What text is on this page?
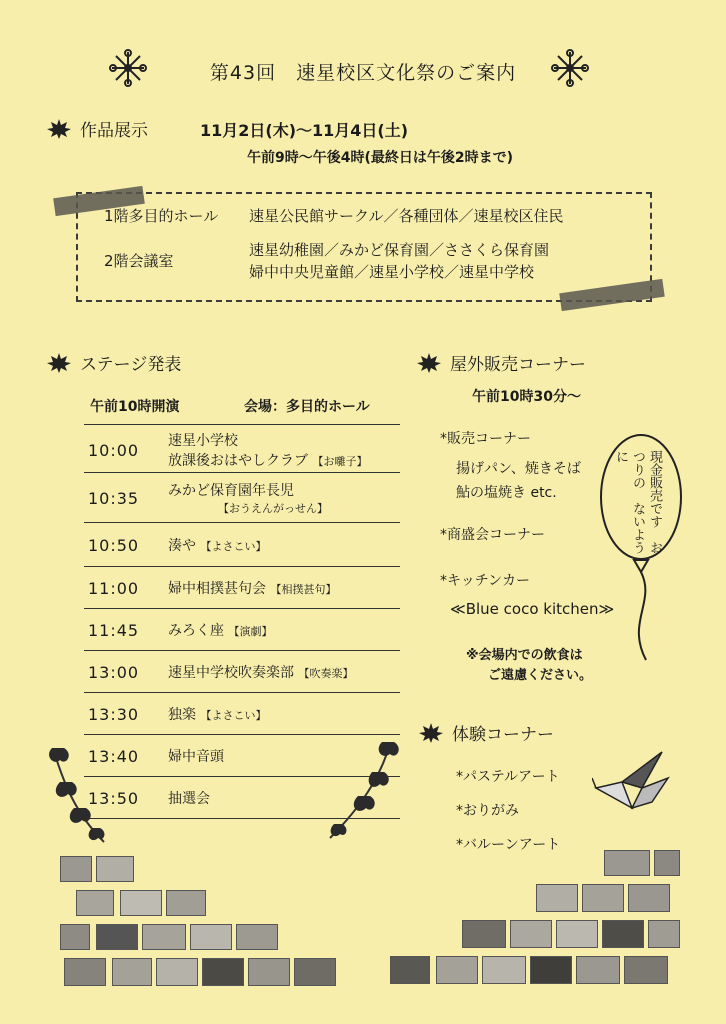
第43回　速星校区文化祭のご案内
作品展示	11月2日(木)～11月4日(土)
午前9時～午後4時(最終日は午後2時まで)
1階多目的ホール	速星公民館サークル／各種団体／速星校区住民
2階会議室
速星幼稚園／みかど保育園／ささくら保育園
婦中中央児童館／速星小学校／速星中学校
ステージ発表
午前10時開演	会場：多目的ホール
10:00	速星小学校
放課後おはやしクラブ 【お囃子】
10:35	みかど保育園年長児
【おうえんがっせん】
10:50	湊や 【よさこい】
11:00	婦中相撲甚句会 【相撲甚句】
11:45	みろく座 【演劇】
13:00	速星中学校吹奏楽部 【吹奏楽】
13:30	独楽 【よさこい】
13:40	婦中音頭
13:50	抽選会
屋外販売コーナー
午前10時30分～
*販売コーナー
揚げパン、焼きそば
鮎の塩焼き etc.
*商盛会コーナー
*キッチンカー
≪Blue coco kitchen≫
※会場内での飲食は
ご遠慮ください。
現金販売です　おつりの　ないように
体験コーナー
*パステルアート
*おりがみ
*バルーンアート
